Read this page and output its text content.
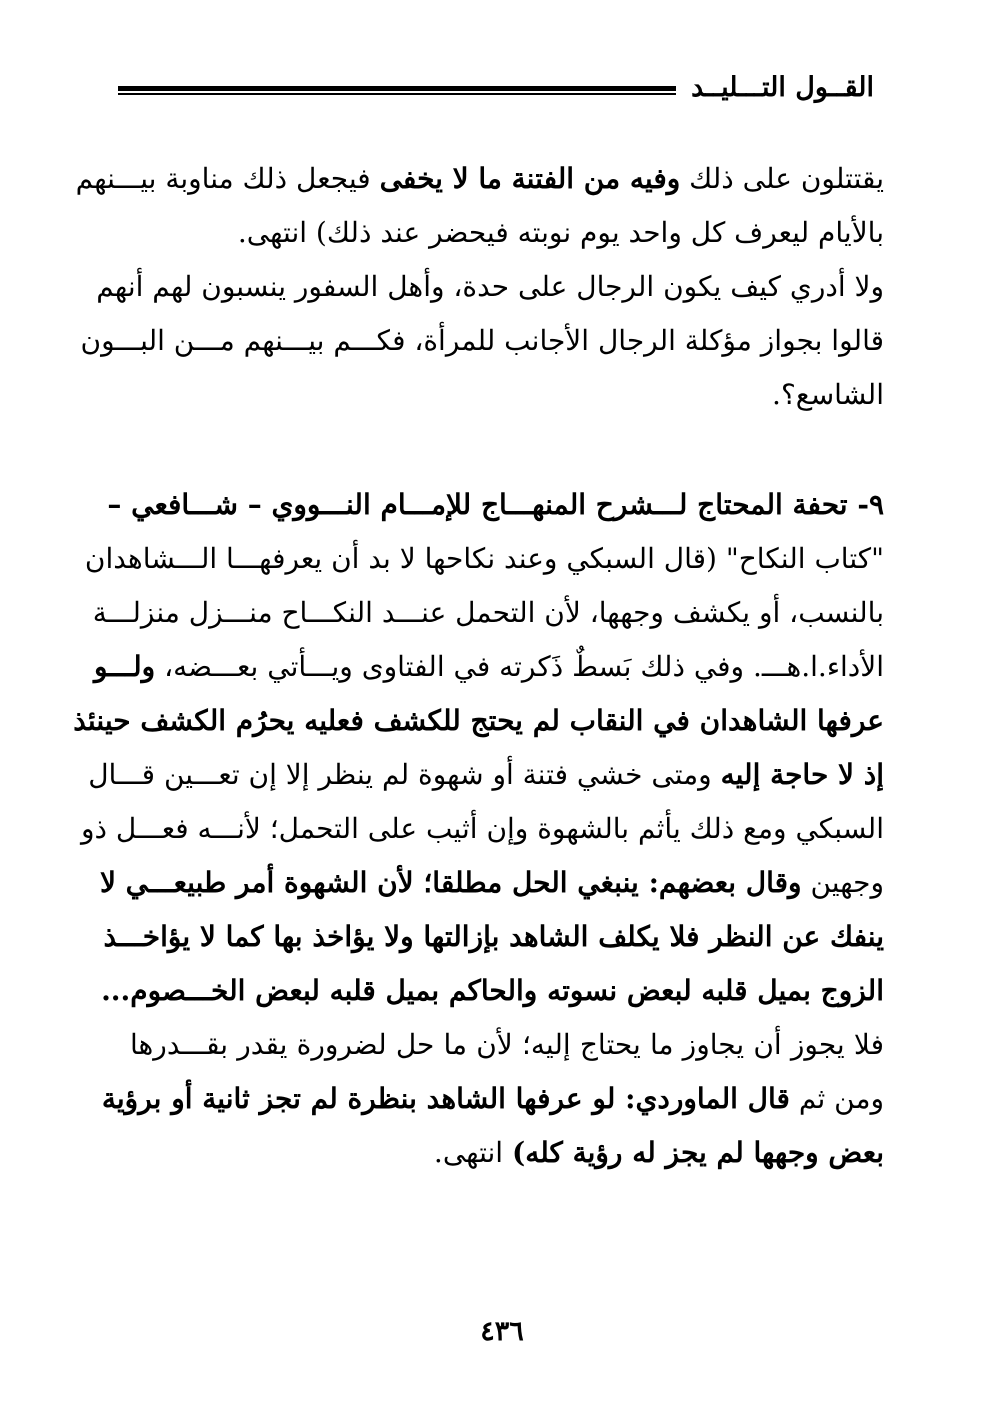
القــول التـــليــد
يقتتلون على ذلك وفيه من الفتنة ما لا يخفى فيجعل ذلك مناوبة بيـــنهم
بالأيام ليعرف كل واحد يوم نوبته فيحضر عند ذلك) انتهى.
ولا أدري كيف يكون الرجال على حدة، وأهل السفور ينسبون لهم أنهم
قالوا بجواز مؤكلة الرجال الأجانب للمرأة، فكـــم بيـــنهم مـــن البـــون
الشاسع؟.
٩- تحفة المحتاج لـــشرح المنهـــاج للإمـــام النـــووي – شـــافعي –
"كتاب النكاح" (قال السبكي وعند نكاحها لا بد أن يعرفهـــا الـــشاهدان
بالنسب، أو يكشف وجهها، لأن التحمل عنـــد النكـــاح منـــزل منزلـــة
الأداء.ا.هـــ. وفي ذلك بَسطٌ ذَكرته في الفتاوى ويـــأتي بعـــضه، ولـــو
عرفها الشاهدان في النقاب لم يحتج للكشف فعليه يحرُم الكشف حينئذ
إذ لا حاجة إليه ومتى خشي فتنة أو شهوة لم ينظر إلا إن تعـــين قـــال
السبكي ومع ذلك يأثم بالشهوة وإن أثيب على التحمل؛ لأنـــه فعـــل ذو
وجهين وقال بعضهم: ينبغي الحل مطلقا؛ لأن الشهوة أمر طبيعـــي لا
ينفك عن النظر فلا يكلف الشاهد بإزالتها ولا يؤاخذ بها كما لا يؤاخـــذ
الزوج بميل قلبه لبعض نسوته والحاكم بميل قلبه لبعض الخـــصوم...
فلا يجوز أن يجاوز ما يحتاج إليه؛ لأن ما حل لضرورة يقدر بقـــدرها
ومن ثم قال الماوردي: لو عرفها الشاهد بنظرة لم تجز ثانية أو برؤية
بعض وجهها لم يجز له رؤية كله) انتهى.
٤٣٦
